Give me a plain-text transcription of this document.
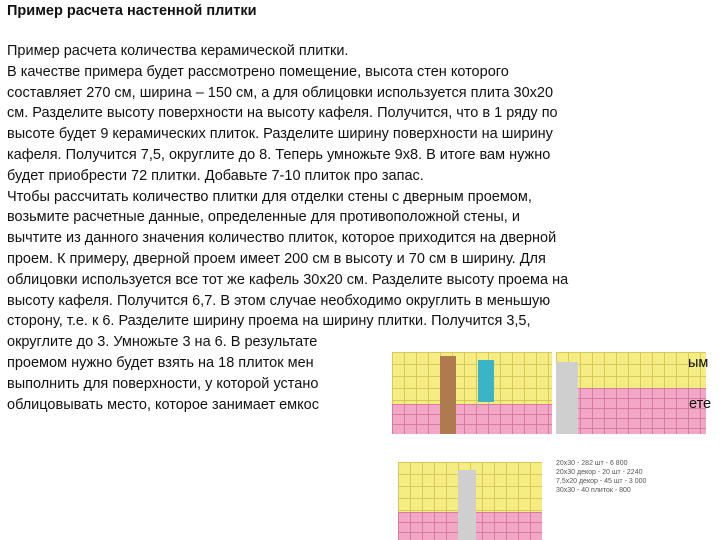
Пример расчета настенной плитки

Пример расчета количества керамической плитки.

В качестве примера будет рассмотрено помещение, высота стен которого

составляет 270 см, ширина – 150 см, а для облицовки используется плита 30х20

см. Разделите высоту поверхности на высоту кафеля. Получится, что в 1 ряду по

высоте будет 9 керамических плиток. Разделите ширину поверхности на ширину

кафеля. Получится 7,5, округлите до 8. Теперь умножьте 9х8. В итоге вам нужно

будет приобрести 72 плитки. Добавьте 7-10 плиток про запас.

Чтобы рассчитать количество плитки для отделки стены с дверным проемом,

возьмите расчетные данные, определенные для противоположной стены, и

вычтите из данного значения количество плиток, которое приходится на дверной

проем. К примеру, дверной проем имеет 200 см в высоту и 70 см в ширину. Для

облицовки используется все тот же кафель 30х20 см. Разделите высоту проема на

высоту кафеля. Получится 6,7. В этом случае необходимо округлить в меньшую

сторону, т.е. к 6. Разделите ширину проема на ширину плитки. Получится 3,5,

округлите до 3. Умножьте 3 на 6. В результате

проемом нужно будет взять на 18 плиток мен

выполнить для поверхности, у которой устано

облицовывать место, которое занимает емкос

20x30 - 282 шт - 6 800
20x30 декор - 20 шт - 2240
7,5x20 декор - 45 шт - 3 000
30x30 - 40 плиток - 800
ым
ете
